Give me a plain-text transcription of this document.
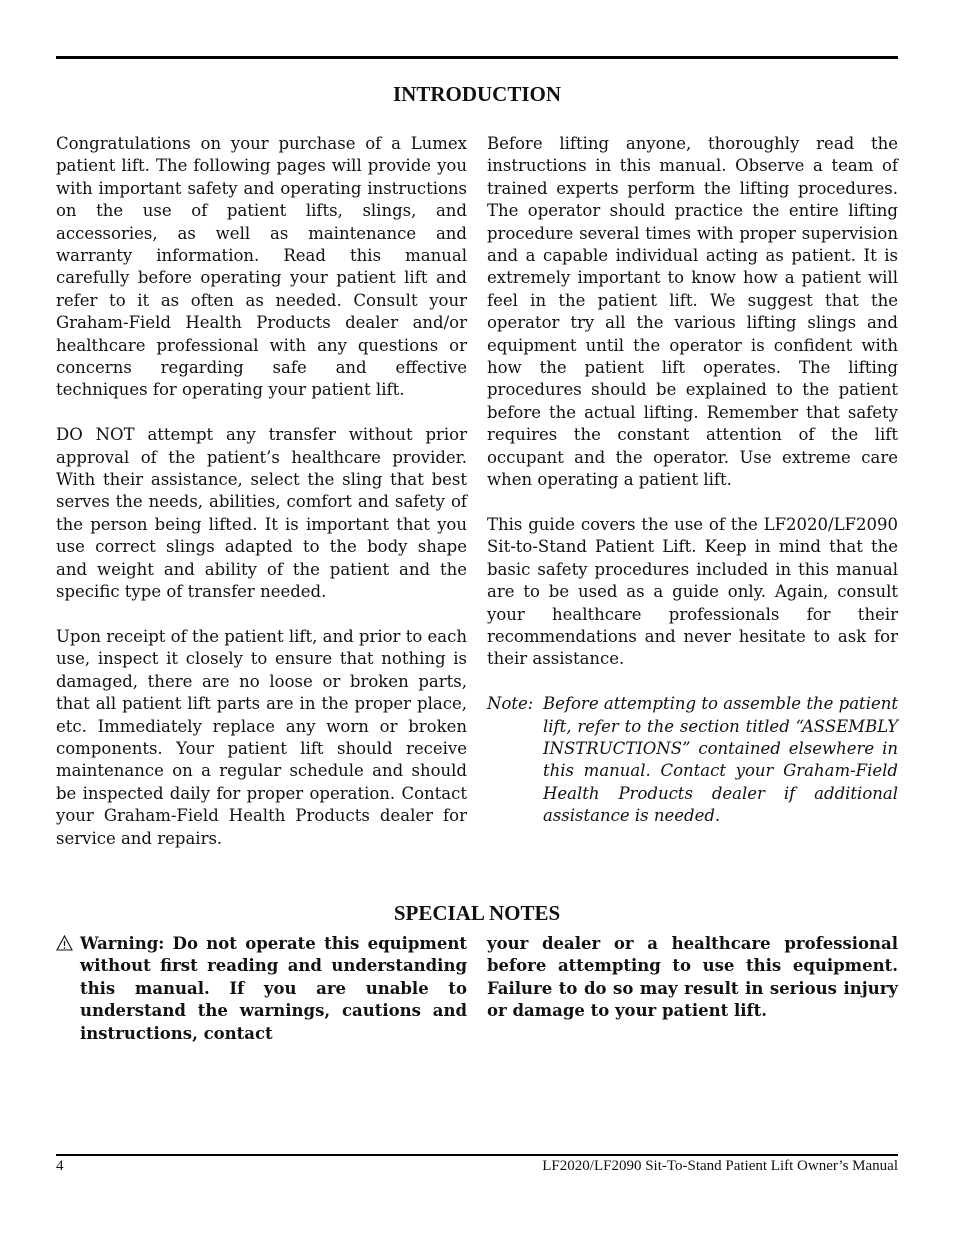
INTRODUCTION

Congratulations on your purchase of a Lumex patient lift. The following pages will provide you with important safety and operating instructions on the use of patient lifts, slings, and accessories, as well as maintenance and warranty information. Read this manual carefully before operating your patient lift and refer to it as often as needed. Consult your Graham-Field Health Products dealer and/or healthcare professional with any questions or concerns regarding safe and effective techniques for operating your patient lift.

DO NOT attempt any transfer without prior approval of the patient’s healthcare provider. With their assistance, select the sling that best serves the needs, abilities, comfort and safety of the person being lifted. It is important that you use correct slings adapted to the body shape and weight and ability of the patient and the specific type of transfer needed.

Upon receipt of the patient lift, and prior to each use, inspect it closely to ensure that nothing is damaged, there are no loose or broken parts, that all patient lift parts are in the proper place, etc. Immediately replace any worn or broken components. Your patient lift should receive maintenance on a regular schedule and should be inspected daily for proper operation. Contact your Graham-Field Health Products dealer for service and repairs.

Before lifting anyone, thoroughly read the instructions in this manual. Observe a team of trained experts perform the lifting procedures. The operator should practice the entire lifting procedure several times with proper supervision and a capable individual acting as patient. It is extremely important to know how a patient will feel in the patient lift. We suggest that the operator try all the various lifting slings and equipment until the operator is confident with how the patient lift operates. The lifting procedures should be explained to the patient before the actual lifting. Remember that safety requires the constant attention of the lift occupant and the operator. Use extreme care when operating a patient lift.

This guide covers the use of the LF2020/LF2090 Sit-to-Stand Patient Lift. Keep in mind that the basic safety procedures included in this manual are to be used as a guide only. Again, consult your healthcare professionals for their recommendations and never hesitate to ask for their assistance.

Note: Before attempting to assemble the patient lift, refer to the section titled “ASSEMBLY INSTRUCTIONS” contained elsewhere in this manual. Contact your Graham-Field Health Products dealer if additional assistance is needed.
SPECIAL NOTES
Warning: Do not operate this equipment without first reading and understanding this manual. If you are unable to understand the warnings, cautions and instructions, contact
your dealer or a healthcare professional before attempting to use this equipment. Failure to do so may result in serious injury or damage to your patient lift.
4	LF2020/LF2090 Sit-To-Stand Patient Lift Owner’s Manual
